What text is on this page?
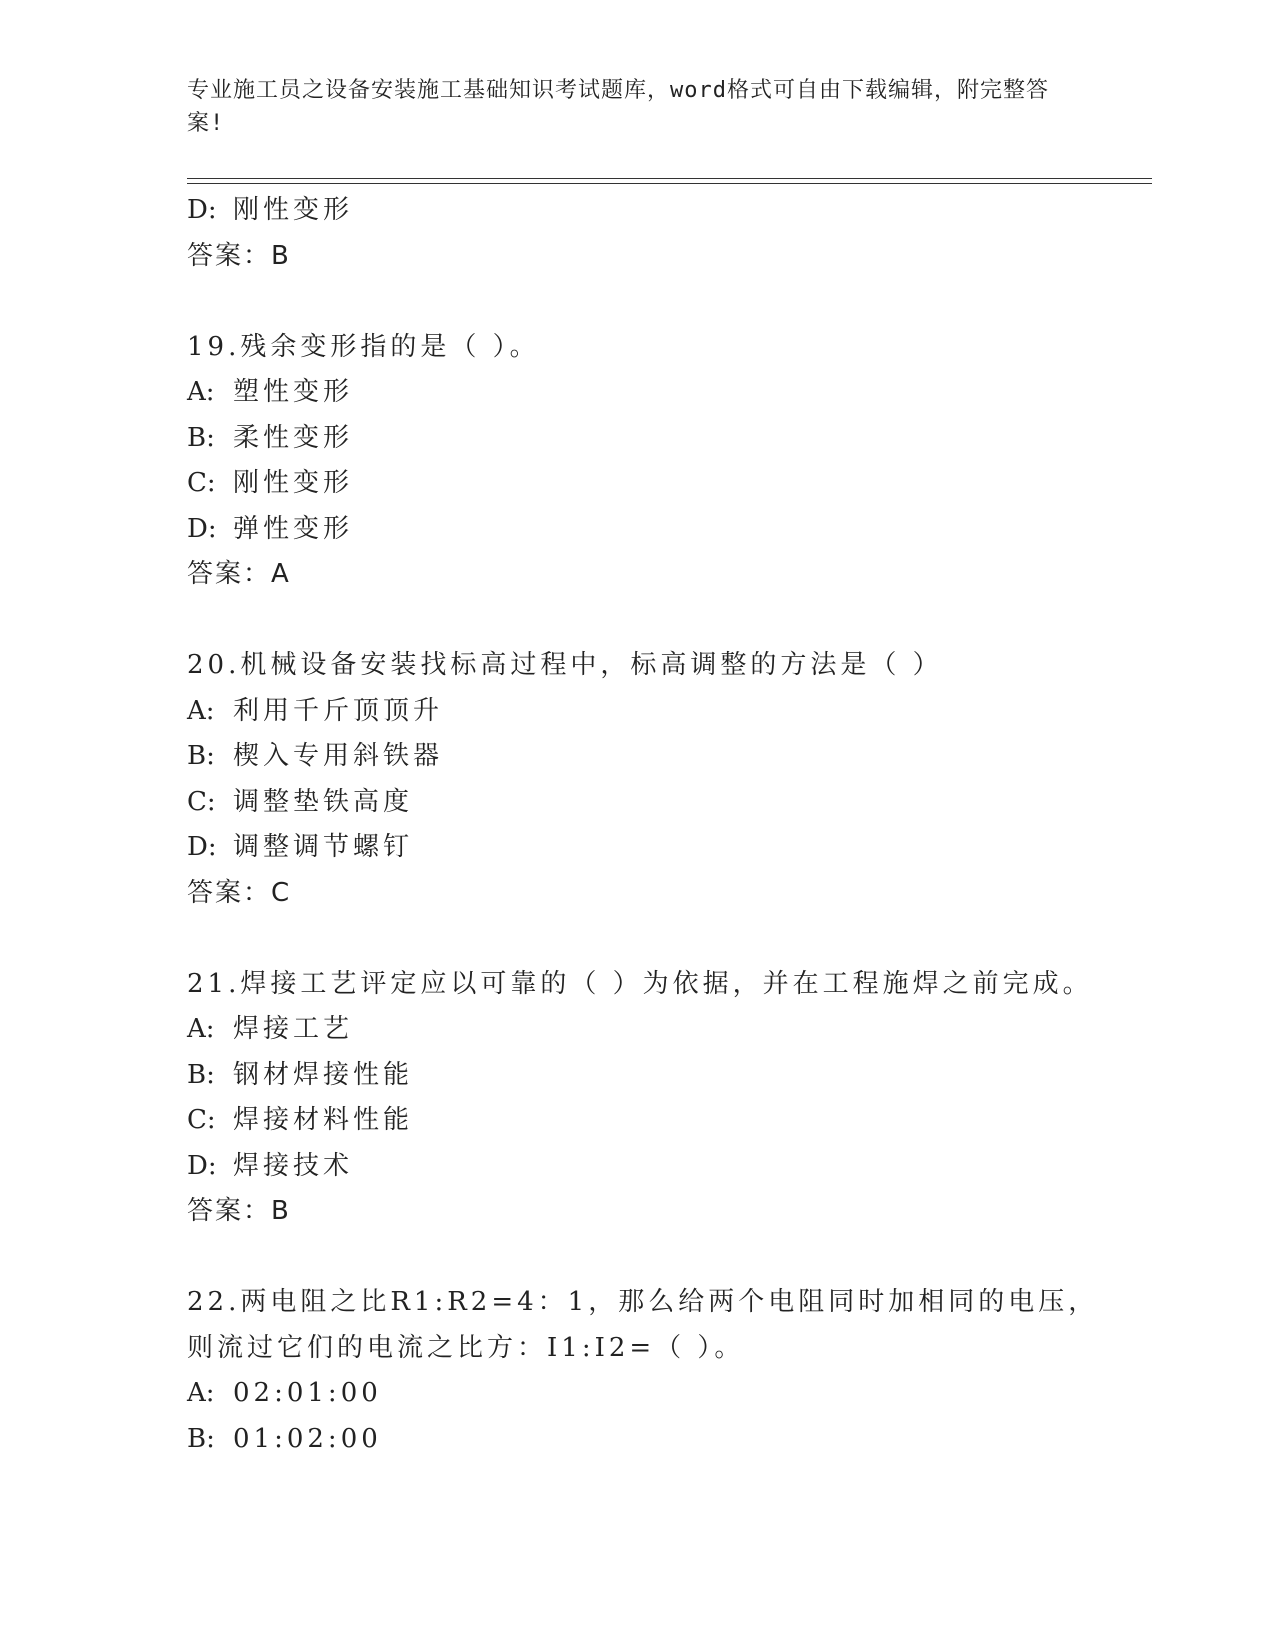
专业施工员之设备安装施工基础知识考试题库，word格式可自由下载编辑，附完整答案!
D: 刚性变形
答案：B
19.残余变形指的是（ ）。
A: 塑性变形
B: 柔性变形
C: 刚性变形
D: 弹性变形
答案：A
20.机械设备安装找标高过程中，标高调整的方法是（ ）
A: 利用千斤顶顶升
B: 楔入专用斜铁器
C: 调整垫铁高度
D: 调整调节螺钉
答案：C
21.焊接工艺评定应以可靠的（ ）为依据，并在工程施焊之前完成。
A: 焊接工艺
B: 钢材焊接性能
C: 焊接材料性能
D: 焊接技术
答案：B
22.两电阻之比R1:R2=4：1，那么给两个电阻同时加相同的电压，则流过它们的电流之比方：I1:I2=（ ）。
A: 02:01:00
B: 01:02:00
